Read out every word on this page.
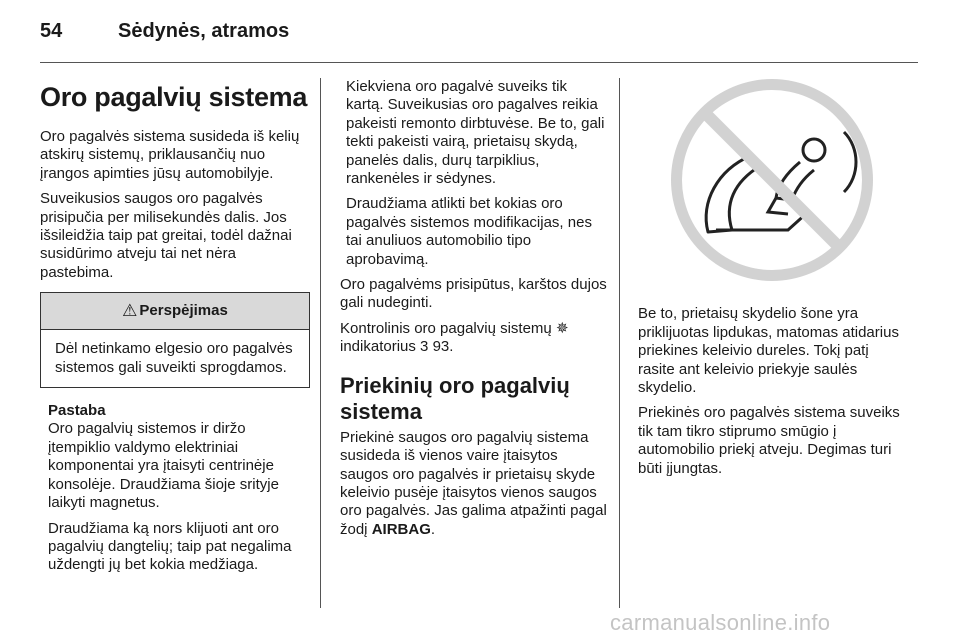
54	Sėdynės, atramos
Oro pagalvių sistema

Oro pagalvės sistema susideda iš kelių atskirų sistemų, priklausančių nuo įrangos apimties jūsų automobilyje.

Suveikusios saugos oro pagalvės prisipučia per milisekundės dalis. Jos išsileidžia taip pat greitai, todėl dažnai susidūrimo atveju tai net nėra pastebima.

⚠ Perspėjimas
Dėl netinkamo elgesio oro pagalvės sistemos gali suveikti sprogdamos.
Pastaba

Oro pagalvių sistemos ir diržo įtempiklio valdymo elektriniai komponentai yra įtaisyti centrinėje konsolėje. Draudžiama šioje srityje laikyti magnetus.

Draudžiama ką nors klijuoti ant oro pagalvių dangtelių; taip pat negalima uždengti jų bet kokia medžiaga.

Kiekviena oro pagalvė suveiks tik kartą. Suveikusias oro pagalves reikia pakeisti remonto dirbtuvėse. Be to, gali tekti pakeisti vairą, prietaisų skydą, panelės dalis, durų tarpiklius, rankenėles ir sėdynes.

Draudžiama atlikti bet kokias oro pagalvės sistemos modifikacijas, nes tai anuliuos automobilio tipo aprobavimą.

Oro pagalvėms prisipūtus, karštos dujos gali nudeginti.

Kontrolinis oro pagalvių sistemų ✵ indikatorius 3 93.

Priekinių oro pagalvių sistema

Priekinė saugos oro pagalvių sistema susideda iš vienos vaire įtaisytos saugos oro pagalvės ir prietaisų skyde keleivio pusėje įtaisytos vienos saugos oro pagalvės. Jas galima atpažinti pagal žodį AIRBAG.

Be to, prietaisų skydelio šone yra priklijuotas lipdukas, matomas atidarius priekines keleivio dureles. Tokį patį rasite ant keleivio priekyje saulės skydelio.

Priekinės oro pagalvės sistema suveiks tik tam tikro stiprumo smūgio į automobilio priekį atveju. Degimas turi būti įjungtas.

carmanualsonline.info
